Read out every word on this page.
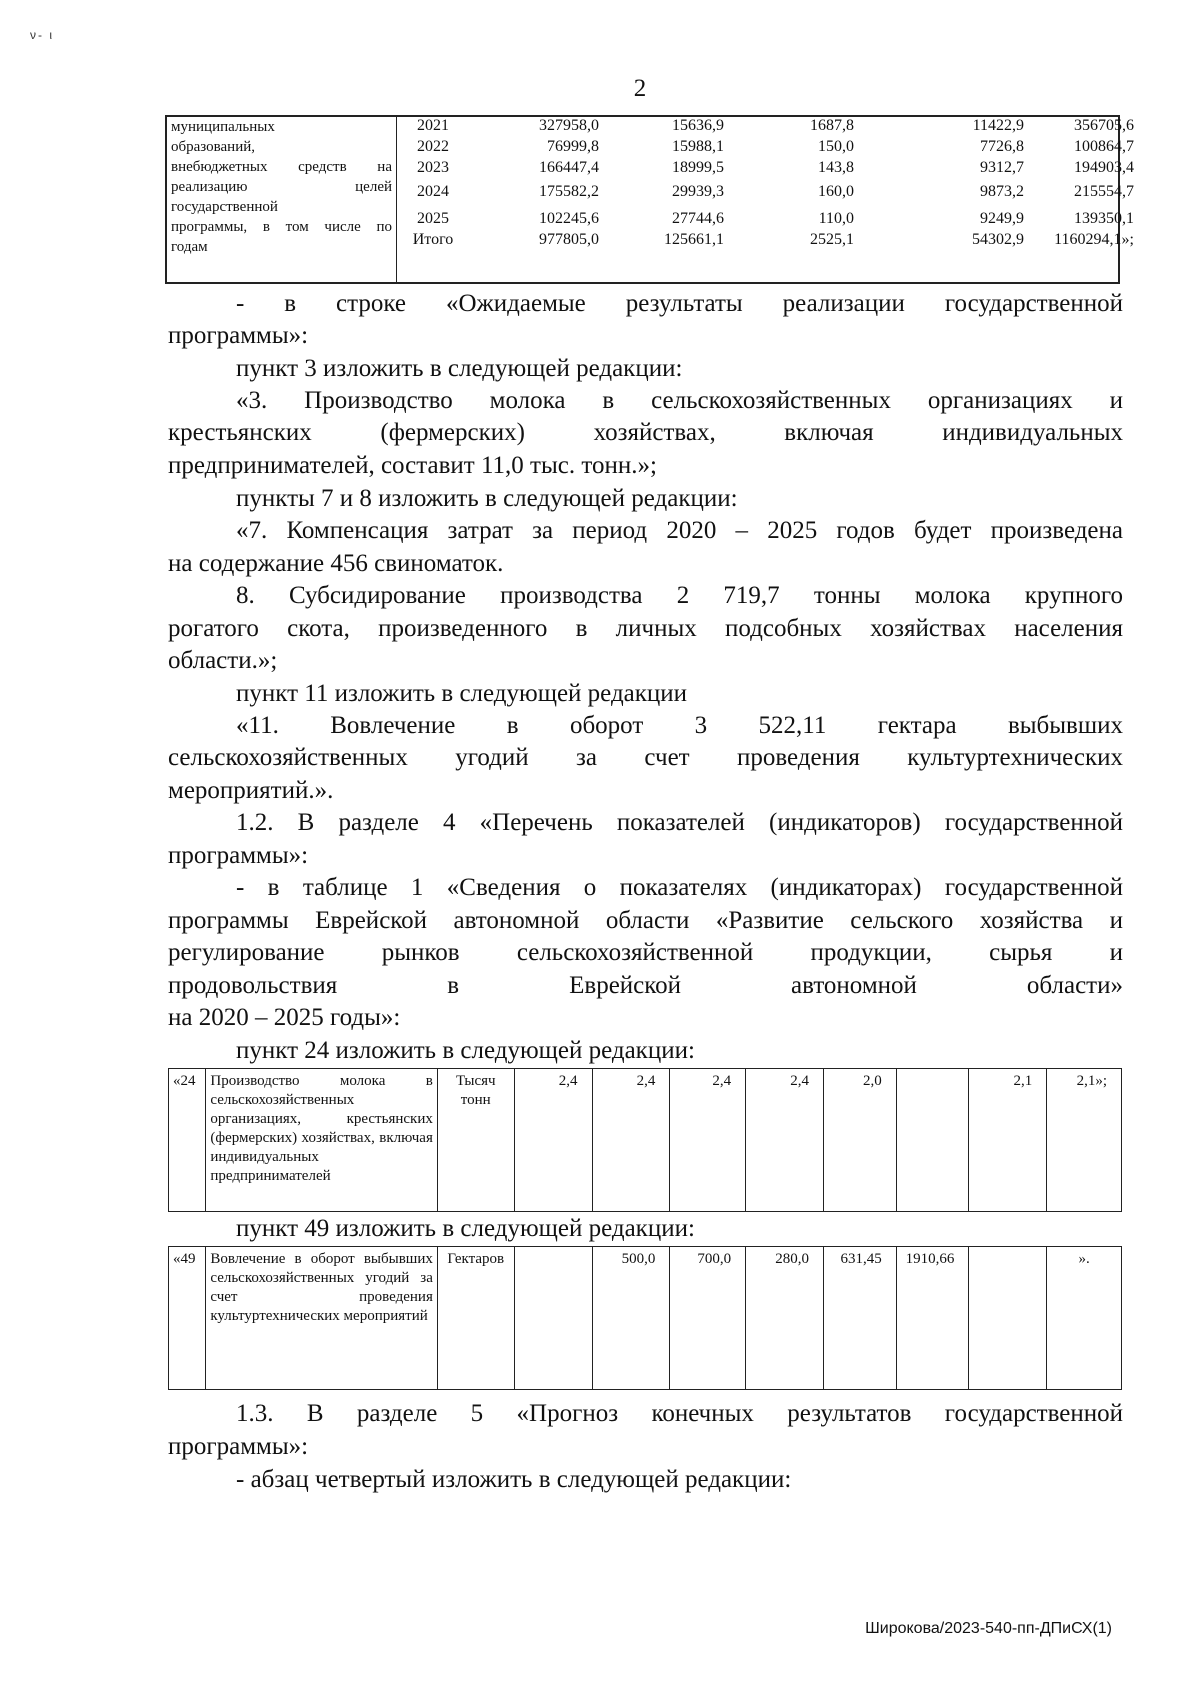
ν- ι
2
муниципальных
образований,
внебюджетных средств на
реализацию целей
государственной
программы, в том числе по
годам
2021	327958,0	15636,9	1687,8	11422,9	356705,6
2022	76999,8	15988,1	150,0	7726,8	100864,7
2023	166447,4	18999,5	143,8	9312,7	194903,4
2024	175582,2	29939,3	160,0	9873,2	215554,7
2025	102245,6	27744,6	110,0	9249,9	139350,1
Итого	977805,0	125661,1	2525,1	54302,9	1160294,1»;
- в строке «Ожидаемые результаты реализации государственной
программы»:
пункт 3 изложить в следующей редакции:
«3. Производство молока в сельскохозяйственных организациях и
крестьянских (фермерских) хозяйствах, включая индивидуальных
предпринимателей, составит 11,0 тыс. тонн.»;
пункты 7 и 8 изложить в следующей редакции:
«7. Компенсация затрат за период 2020 – 2025 годов будет произведена
на содержание 456 свиноматок.
8. Субсидирование производства 2 719,7 тонны молока крупного
рогатого скота, произведенного в личных подсобных хозяйствах населения
области.»;
пункт 11 изложить в следующей редакции
«11. Вовлечение в оборот 3 522,11 гектара выбывших
сельскохозяйственных угодий за счет проведения культуртехнических
мероприятий.».
1.2. В разделе 4 «Перечень показателей (индикаторов) государственной
программы»:
- в таблице 1 «Сведения о показателях (индикаторах) государственной
программы Еврейской автономной области «Развитие сельского хозяйства и
регулирование рынков сельскохозяйственной продукции, сырья и
продовольствия в Еврейской автономной области»
на 2020 – 2025 годы»:
пункт 24 изложить в следующей редакции:
«24	Производство молока в сельскохозяйственных организациях, крестьянских (фермерских) хозяйствах, включая индивидуальных предпринимателей	Тысяч тонн	2,4	2,4	2,4	2,4	2,0		2,1	2,1»;
пункт 49 изложить в следующей редакции:
«49	Вовлечение в оборот выбывших сельскохозяйственных угодий за счет проведения культуртехнических мероприятий	Гектаров		500,0	700,0	280,0	631,45	1910,66		».
1.3. В разделе 5 «Прогноз конечных результатов государственной
программы»:
- абзац четвертый изложить в следующей редакции:
Широкова/2023-540-пп-ДПиСХ(1)
